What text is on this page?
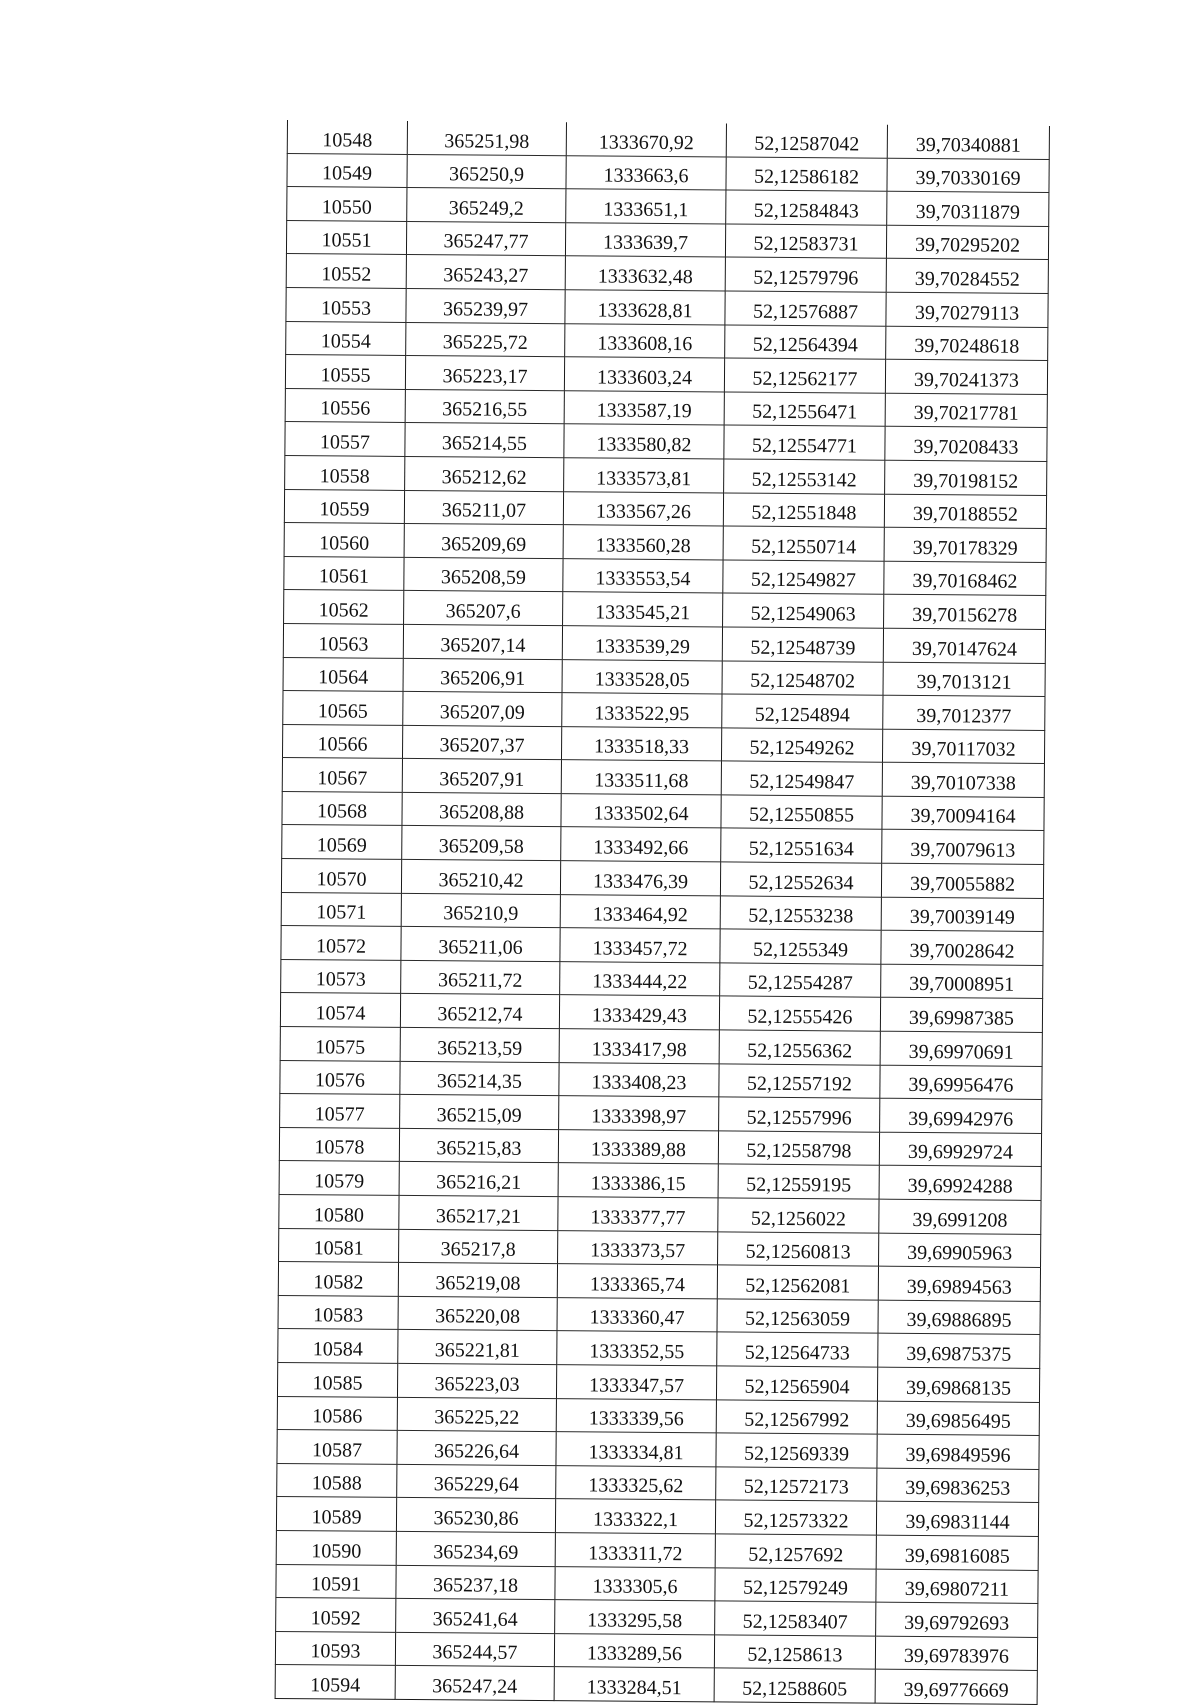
10548	365251,98	1333670,92	52,12587042	39,70340881
10549	365250,9	1333663,6	52,12586182	39,70330169
10550	365249,2	1333651,1	52,12584843	39,70311879
10551	365247,77	1333639,7	52,12583731	39,70295202
10552	365243,27	1333632,48	52,12579796	39,70284552
10553	365239,97	1333628,81	52,12576887	39,70279113
10554	365225,72	1333608,16	52,12564394	39,70248618
10555	365223,17	1333603,24	52,12562177	39,70241373
10556	365216,55	1333587,19	52,12556471	39,70217781
10557	365214,55	1333580,82	52,12554771	39,70208433
10558	365212,62	1333573,81	52,12553142	39,70198152
10559	365211,07	1333567,26	52,12551848	39,70188552
10560	365209,69	1333560,28	52,12550714	39,70178329
10561	365208,59	1333553,54	52,12549827	39,70168462
10562	365207,6	1333545,21	52,12549063	39,70156278
10563	365207,14	1333539,29	52,12548739	39,70147624
10564	365206,91	1333528,05	52,12548702	39,7013121
10565	365207,09	1333522,95	52,1254894	39,7012377
10566	365207,37	1333518,33	52,12549262	39,70117032
10567	365207,91	1333511,68	52,12549847	39,70107338
10568	365208,88	1333502,64	52,12550855	39,70094164
10569	365209,58	1333492,66	52,12551634	39,70079613
10570	365210,42	1333476,39	52,12552634	39,70055882
10571	365210,9	1333464,92	52,12553238	39,70039149
10572	365211,06	1333457,72	52,1255349	39,70028642
10573	365211,72	1333444,22	52,12554287	39,70008951
10574	365212,74	1333429,43	52,12555426	39,69987385
10575	365213,59	1333417,98	52,12556362	39,69970691
10576	365214,35	1333408,23	52,12557192	39,69956476
10577	365215,09	1333398,97	52,12557996	39,69942976
10578	365215,83	1333389,88	52,12558798	39,69929724
10579	365216,21	1333386,15	52,12559195	39,69924288
10580	365217,21	1333377,77	52,1256022	39,6991208
10581	365217,8	1333373,57	52,12560813	39,69905963
10582	365219,08	1333365,74	52,12562081	39,69894563
10583	365220,08	1333360,47	52,12563059	39,69886895
10584	365221,81	1333352,55	52,12564733	39,69875375
10585	365223,03	1333347,57	52,12565904	39,69868135
10586	365225,22	1333339,56	52,12567992	39,69856495
10587	365226,64	1333334,81	52,12569339	39,69849596
10588	365229,64	1333325,62	52,12572173	39,69836253
10589	365230,86	1333322,1	52,12573322	39,69831144
10590	365234,69	1333311,72	52,1257692	39,69816085
10591	365237,18	1333305,6	52,12579249	39,69807211
10592	365241,64	1333295,58	52,12583407	39,69792693
10593	365244,57	1333289,56	52,1258613	39,69783976
10594	365247,24	1333284,51	52,12588605	39,69776669
